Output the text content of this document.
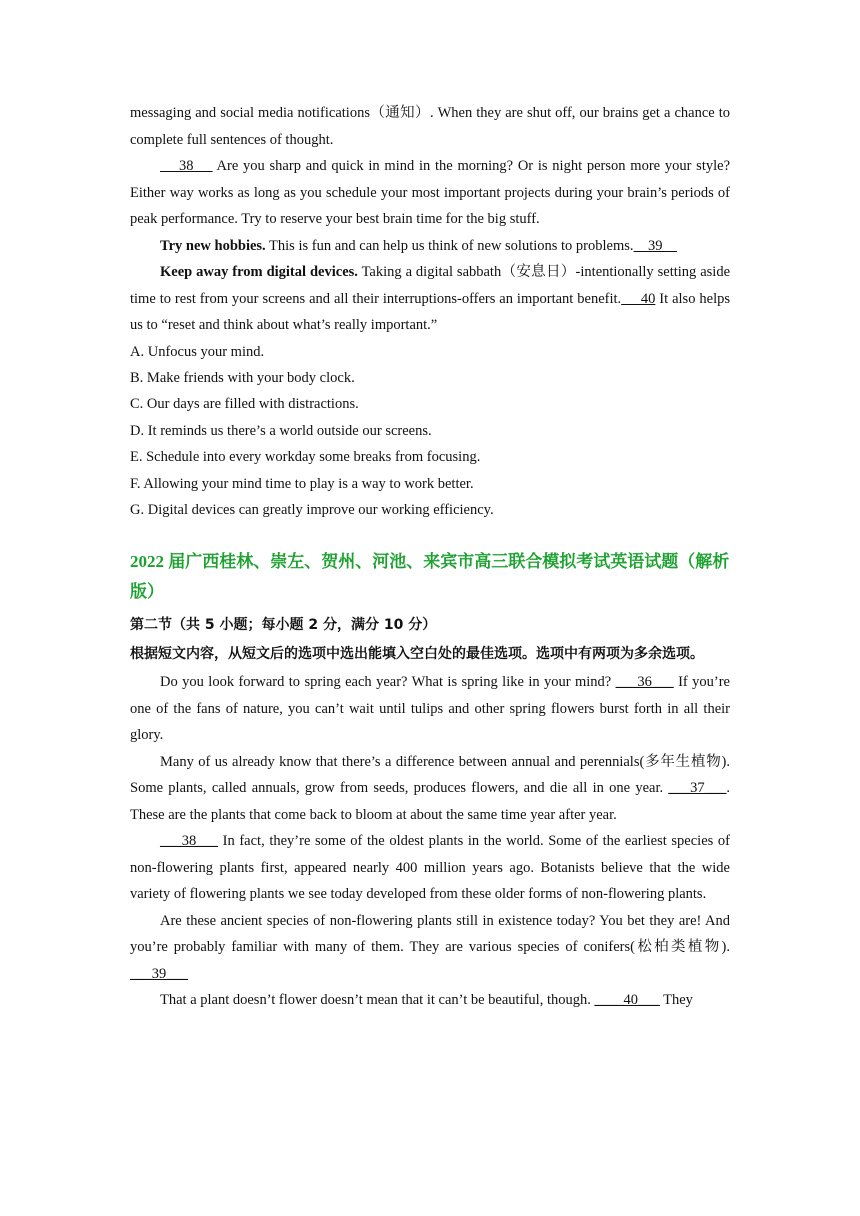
messaging and social media notifications（通知）. When they are shut off, our brains get a chance to complete full sentences of thought.

38     Are you sharp and quick in mind in the morning? Or is night person more your style? Either way works as long as you schedule your most important projects during your brain’s periods of peak performance. Try to reserve your best brain time for the big stuff.

Try new hobbies. This is fun and can help us think of new solutions to problems.    39

Keep away from digital devices. Taking a digital sabbath（安息日）-intentionally setting aside time to rest from your screens and all their interruptions-offers an important benefit.     40 It also helps us to “reset and think about what’s really important.”

A. Unfocus your mind.

B. Make friends with your body clock.

C. Our days are filled with distractions.

D. It reminds us there’s a world outside our screens.

E. Schedule into every workday some breaks from focusing.

F. Allowing your mind time to play is a way to work better.

G. Digital devices can greatly improve our working efficiency.

2022 届广西桂林、崇左、贺州、河池、来宾市高三联合模拟考试英语试题（解析版）

第二节（共 5 小题；每小题 2 分，满分 10 分）

根据短文内容，从短文后的选项中选出能填入空白处的最佳选项。选项中有两项为多余选项。

Do you look forward to spring each year? What is spring like in your mind? ___36___ If you’re one of the fans of nature, you can’t wait until tulips and other spring flowers burst forth in all their glory.

Many of us already know that there’s a difference between annual and perennials(多年生植物). Some plants, called annuals, grow from seeds, produces flowers, and die all in one year. ___37___. These are the plants that come back to bloom at about the same time year after year.

___38___ In fact, they’re some of the oldest plants in the world. Some of the earliest species of non-flowering plants first, appeared nearly 400 million years ago. Botanists believe that the wide variety of flowering plants we see today developed from these older forms of non-flowering plants.

Are these ancient species of non-flowering plants still in existence today? You bet they are! And you’re probably familiar with many of them. They are various species of conifers(松柏类植物). ___39___

That a plant doesn’t flower doesn’t mean that it can’t be beautiful, though. ____40___ They
